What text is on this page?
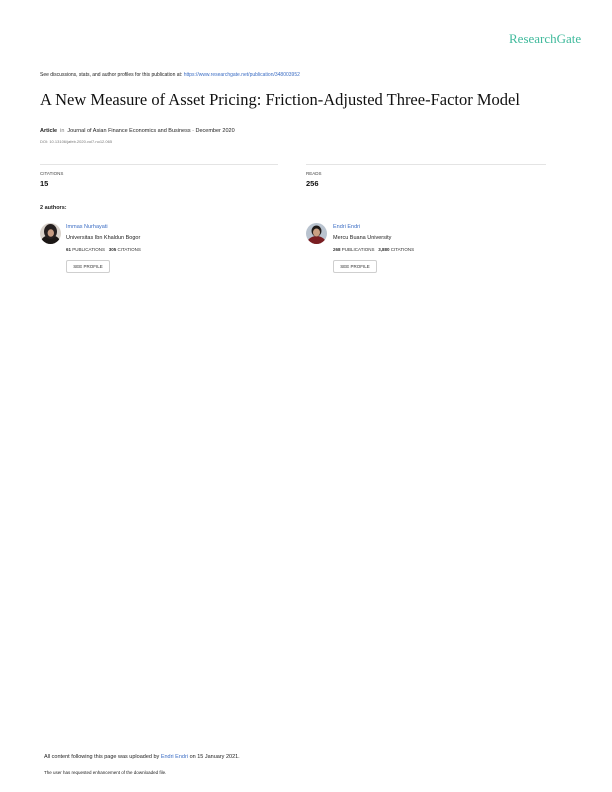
ResearchGate
See discussions, stats, and author profiles for this publication at: https://www.researchgate.net/publication/348003952
A New Measure of Asset Pricing: Friction-Adjusted Three-Factor Model
Article in Journal of Asian Finance Economics and Business · December 2020
DOI: 10.13106/jafeb.2020.vol7.no12.065
CITATIONS
15
READS
256
2 authors:
Immas Nurhayati
Universitas Ibn Khaldun Bogor
61 PUBLICATIONS 305 CITATIONS
SEE PROFILE
Endri Endri
Mercu Buana University
268 PUBLICATIONS 3,880 CITATIONS
SEE PROFILE
All content following this page was uploaded by Endri Endri on 15 January 2021.
The user has requested enhancement of the downloaded file.
